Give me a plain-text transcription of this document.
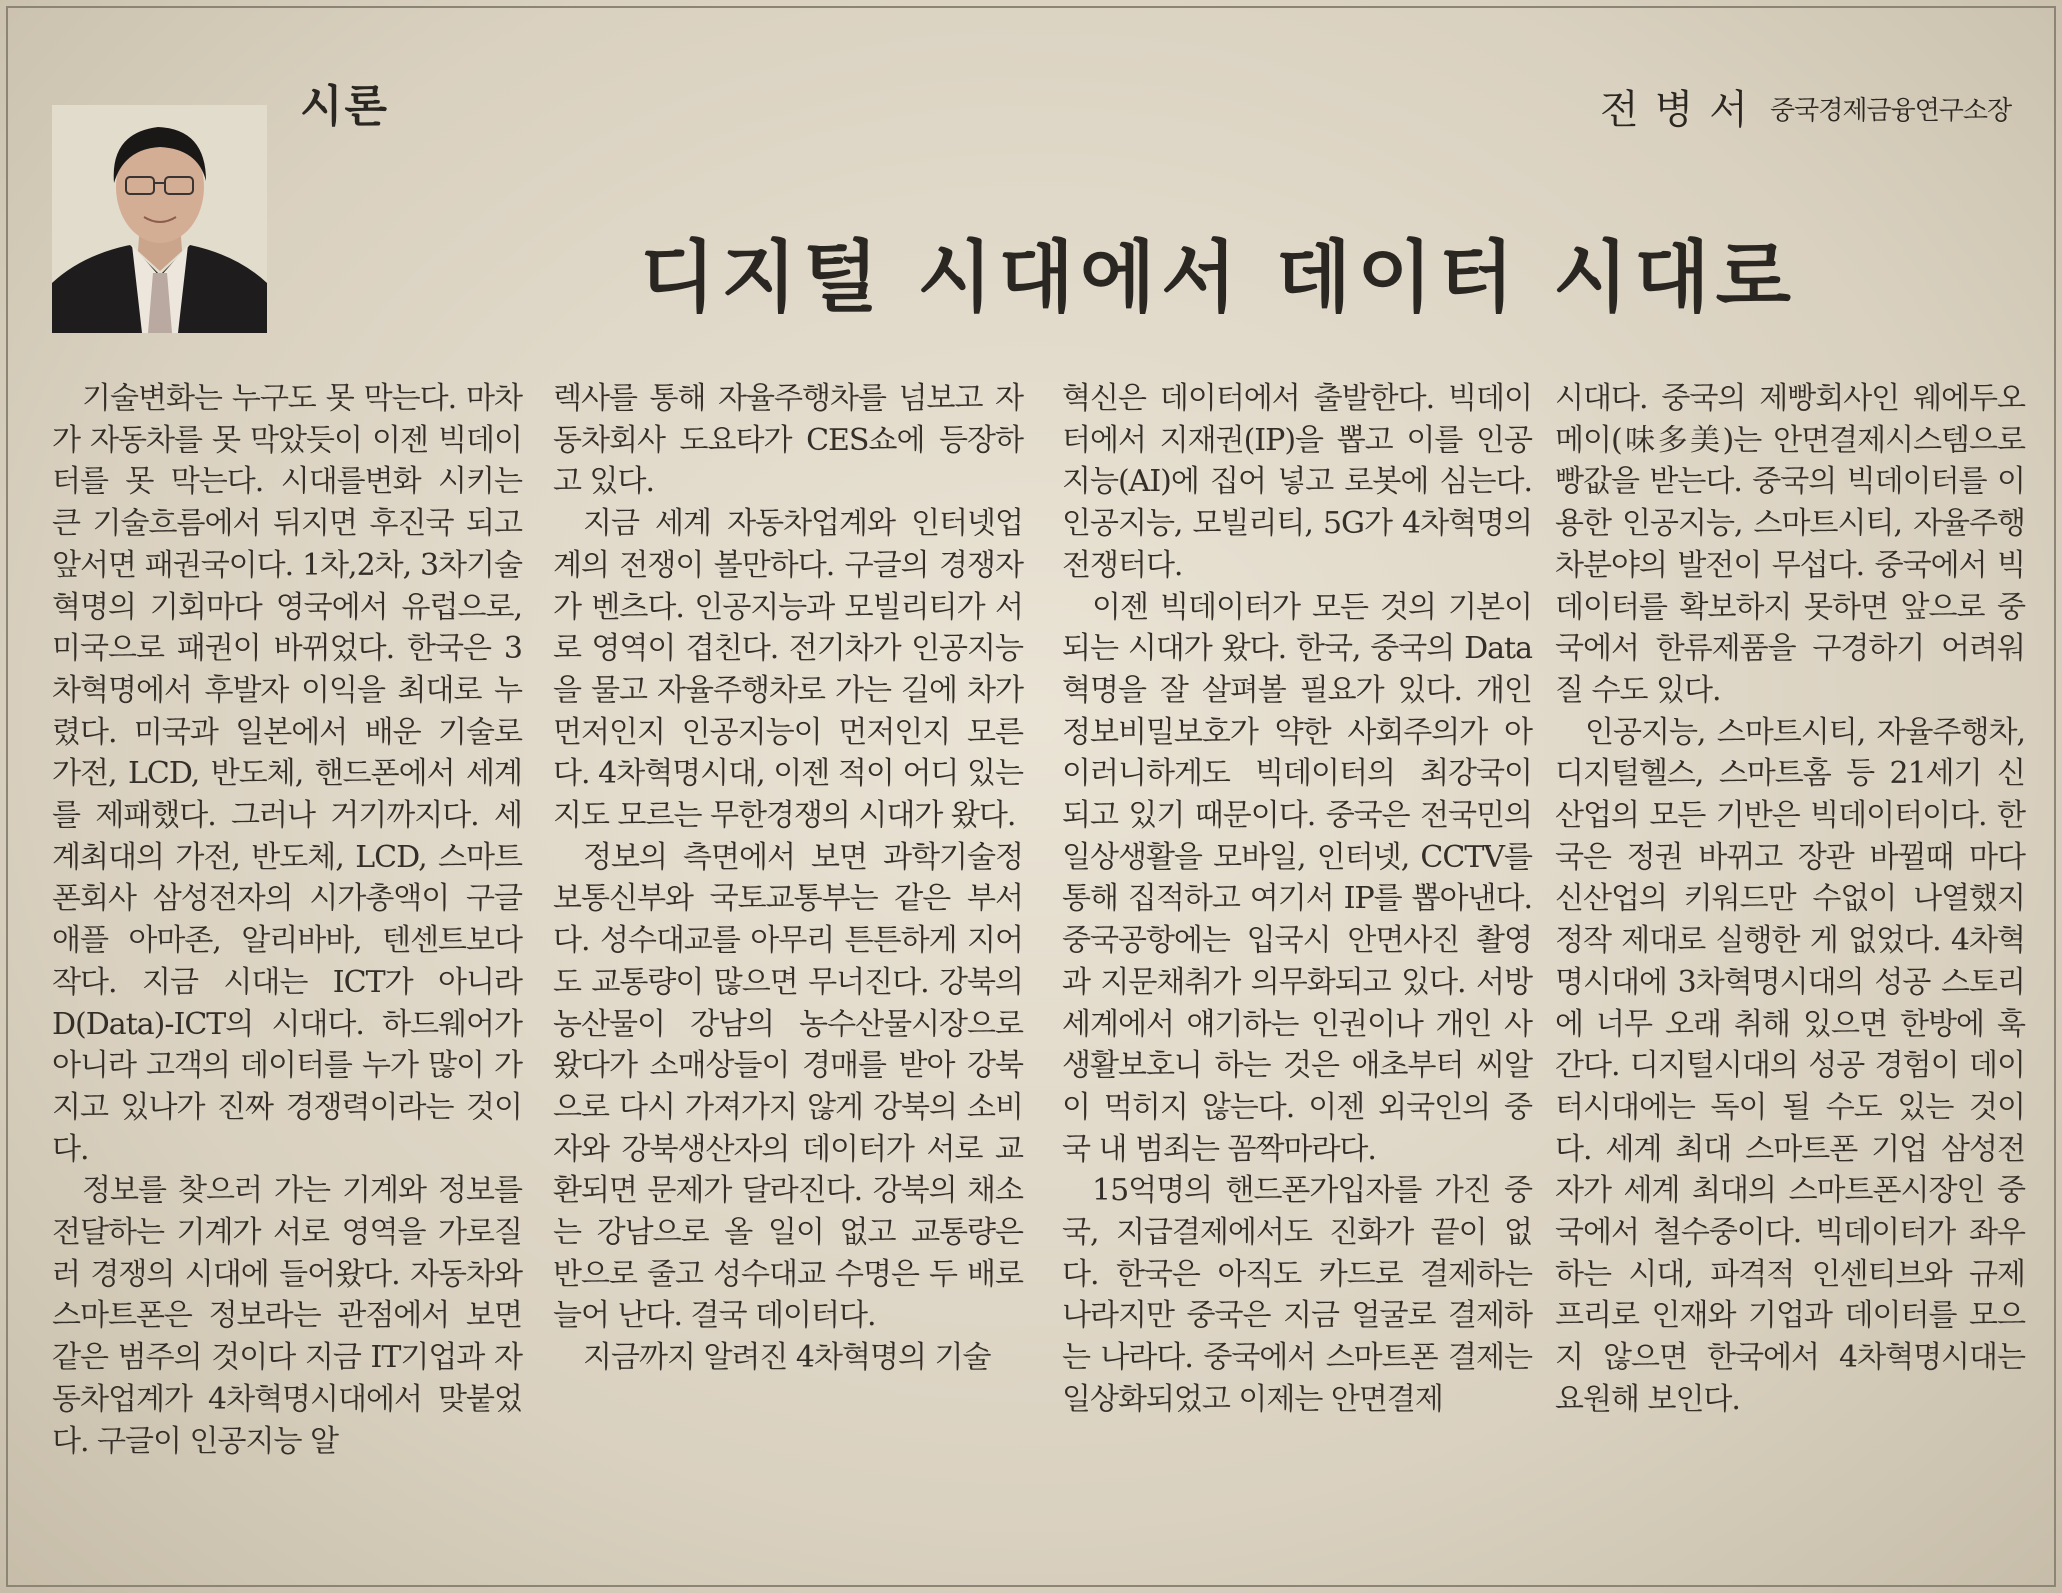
시론	전병서 중국경제금융연구소장
디지털 시대에서 데이터 시대로

기술변화는 누구도 못 막는다. 마차가 자동차를 못 막았듯이 이젠 빅데이터를 못 막는다. 시대를변화 시키는 큰 기술흐름에서 뒤지면 후진국 되고 앞서면 패권국이다. 1차,2차, 3차기술혁명의 기회마다 영국에서 유럽으로, 미국으로 패권이 바뀌었다. 한국은 3차혁명에서 후발자 이익을 최대로 누렸다. 미국과 일본에서 배운 기술로 가전, LCD, 반도체, 핸드폰에서 세계를 제패했다. 그러나 거기까지다. 세계최대의 가전, 반도체, LCD, 스마트폰회사 삼성전자의 시가총액이 구글 애플 아마존, 알리바바, 텐센트보다 작다. 지금 시대는 ICT가 아니라 D(Data)-ICT의 시대다. 하드웨어가 아니라 고객의 데이터를 누가 많이 가지고 있나가 진짜 경쟁력이라는 것이다.

정보를 찾으러 가는 기계와 정보를 전달하는 기계가 서로 영역을 가로질러 경쟁의 시대에 들어왔다. 자동차와 스마트폰은 정보라는 관점에서 보면 같은 범주의 것이다 지금 IT기업과 자동차업계가 4차혁명시대에서 맞붙었다. 구글이 인공지능 알

렉사를 통해 자율주행차를 넘보고 자동차회사 도요타가 CES쇼에 등장하고 있다.

지금 세계 자동차업계와 인터넷업계의 전쟁이 볼만하다. 구글의 경쟁자가 벤츠다. 인공지능과 모빌리티가 서로 영역이 겹친다. 전기차가 인공지능을 물고 자율주행차로 가는 길에 차가 먼저인지 인공지능이 먼저인지 모른다. 4차혁명시대, 이젠 적이 어디 있는지도 모르는 무한경쟁의 시대가 왔다.

정보의 측면에서 보면 과학기술정보통신부와 국토교통부는 같은 부서다. 성수대교를 아무리 튼튼하게 지어도 교통량이 많으면 무너진다. 강북의 농산물이 강남의 농수산물시장으로 왔다가 소매상들이 경매를 받아 강북으로 다시 가져가지 않게 강북의 소비자와 강북생산자의 데이터가 서로 교환되면 문제가 달라진다. 강북의 채소는 강남으로 올 일이 없고 교통량은 반으로 줄고 성수대교 수명은 두 배로 늘어 난다. 결국 데이터다.

지금까지 알려진 4차혁명의 기술

혁신은 데이터에서 출발한다. 빅데이터에서 지재권(IP)을 뽑고 이를 인공지능(AI)에 집어 넣고 로봇에 심는다. 인공지능, 모빌리티, 5G가 4차혁명의 전쟁터다.

이젠 빅데이터가 모든 것의 기본이 되는 시대가 왔다. 한국, 중국의 Data혁명을 잘 살펴볼 필요가 있다. 개인정보비밀보호가 약한 사회주의가 아이러니하게도 빅데이터의 최강국이 되고 있기 때문이다. 중국은 전국민의 일상생활을 모바일, 인터넷, CCTV를 통해 집적하고 여기서 IP를 뽑아낸다. 중국공항에는 입국시 안면사진 촬영과 지문채취가 의무화되고 있다. 서방세계에서 얘기하는 인권이나 개인 사생활보호니 하는 것은 애초부터 씨알이 먹히지 않는다. 이젠 외국인의 중국 내 범죄는 꼼짝마라다.

15억명의 핸드폰가입자를 가진 중국, 지급결제에서도 진화가 끝이 없다. 한국은 아직도 카드로 결제하는 나라지만 중국은 지금 얼굴로 결제하는 나라다. 중국에서 스마트폰 결제는 일상화되었고 이제는 안면결제

시대다. 중국의 제빵회사인 웨에두오메이(味多美)는 안면결제시스템으로 빵값을 받는다. 중국의 빅데이터를 이용한 인공지능, 스마트시티, 자율주행차분야의 발전이 무섭다. 중국에서 빅데이터를 확보하지 못하면 앞으로 중국에서 한류제품을 구경하기 어려워질 수도 있다.

인공지능, 스마트시티, 자율주행차, 디지털헬스, 스마트홈 등 21세기 신산업의 모든 기반은 빅데이터이다. 한국은 정권 바뀌고 장관 바뀔때 마다 신산업의 키워드만 수없이 나열했지 정작 제대로 실행한 게 없었다. 4차혁명시대에 3차혁명시대의 성공 스토리에 너무 오래 취해 있으면 한방에 훅 간다. 디지털시대의 성공 경험이 데이터시대에는 독이 될 수도 있는 것이다. 세계 최대 스마트폰 기업 삼성전자가 세계 최대의 스마트폰시장인 중국에서 철수중이다. 빅데이터가 좌우하는 시대, 파격적 인센티브와 규제 프리로 인재와 기업과 데이터를 모으지 않으면 한국에서 4차혁명시대는 요원해 보인다.
